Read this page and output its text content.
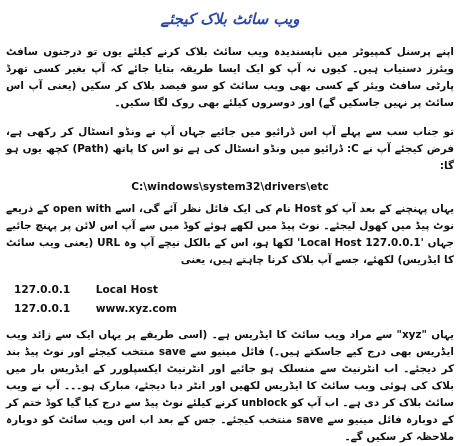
ویب سائٹ بلاک کیجئے

اپنے پرسنل کمپیوٹر میں ناپسندیدہ ویب سائٹ بلاک کرنے کیلئے یوں تو درجنوں سافٹ ویئرز دستیاب ہیں۔ کیوں نہ آپ کو ایک ایسا طریقہ بتایا جائے کہ آپ بغیر کسی تھرڈ پارٹی سافٹ ویئر کے کسی بھی ویب سائٹ کو سو فیصد بلاک کر سکیں (یعنی آپ اس سائٹ پر نہیں جاسکیں گے) اور دوسروں کیلئے بھی روک لگا سکیں۔

تو جناب سب سے پہلے آپ اس ڈرائیو میں جائیے جہاں آپ نے ونڈو انسٹال کر رکھی ہے، فرض کیجئے آپ نے C: ڈرائیو میں ونڈو انسٹال کی ہے تو اس کا پاتھ (Path) کچھ یوں ہو گا:

C:\windows\system32\drivers\etc

یہاں پہنچنے کے بعد آپ کو Host نام کی ایک فائل نظر آئے گی، اسے open with کے ذریعے نوٹ پیڈ میں کھول لیجئے۔ نوٹ پیڈ میں لکھے ہوئے کوڈ میں سے آپ اس لائن پر پہنچ جائیے جہاں '127.0.0.1 Local Host' لکھا ہو، اس کے بالکل نیچے آپ وہ URL (یعنی ویب سائٹ کا ایڈریس) لکھئے، جسے آپ بلاک کرنا چاہتے ہیں، یعنی

127.0.0.1 Local Host
127.0.0.1 www.xyz.com

یہاں "xyz" سے مراد ویب سائٹ کا ایڈریس ہے۔ (اسی طریقے پر یہاں ایک سے زائد ویب ایڈریس بھی درج کیے جاسکتے ہیں۔) فائل مینیو سے save منتخب کیجئے اور نوٹ پیڈ بند کر دیجئے۔ اب انٹرنیٹ سے منسلک ہو جائیے اور انٹرنیٹ ایکسپلورر کے ایڈریس بار میں بلاک کی ہوئی ویب سائٹ کا ایڈریس لکھیں اور انٹر دبا دیجئے، مبارک ہو۔۔۔ آپ نے ویب سائٹ بلاک کر دی ہے۔ اب آپ کو unblock کرنے کیلئے نوٹ پیڈ سے درج کیا گیا کوڈ ختم کر کے دوبارہ فائل مینیو سے save منتخب کیجئے۔ جس کے بعد اب اس ویب سائٹ کو دوبارہ ملاحظہ کر سکیں گے۔
